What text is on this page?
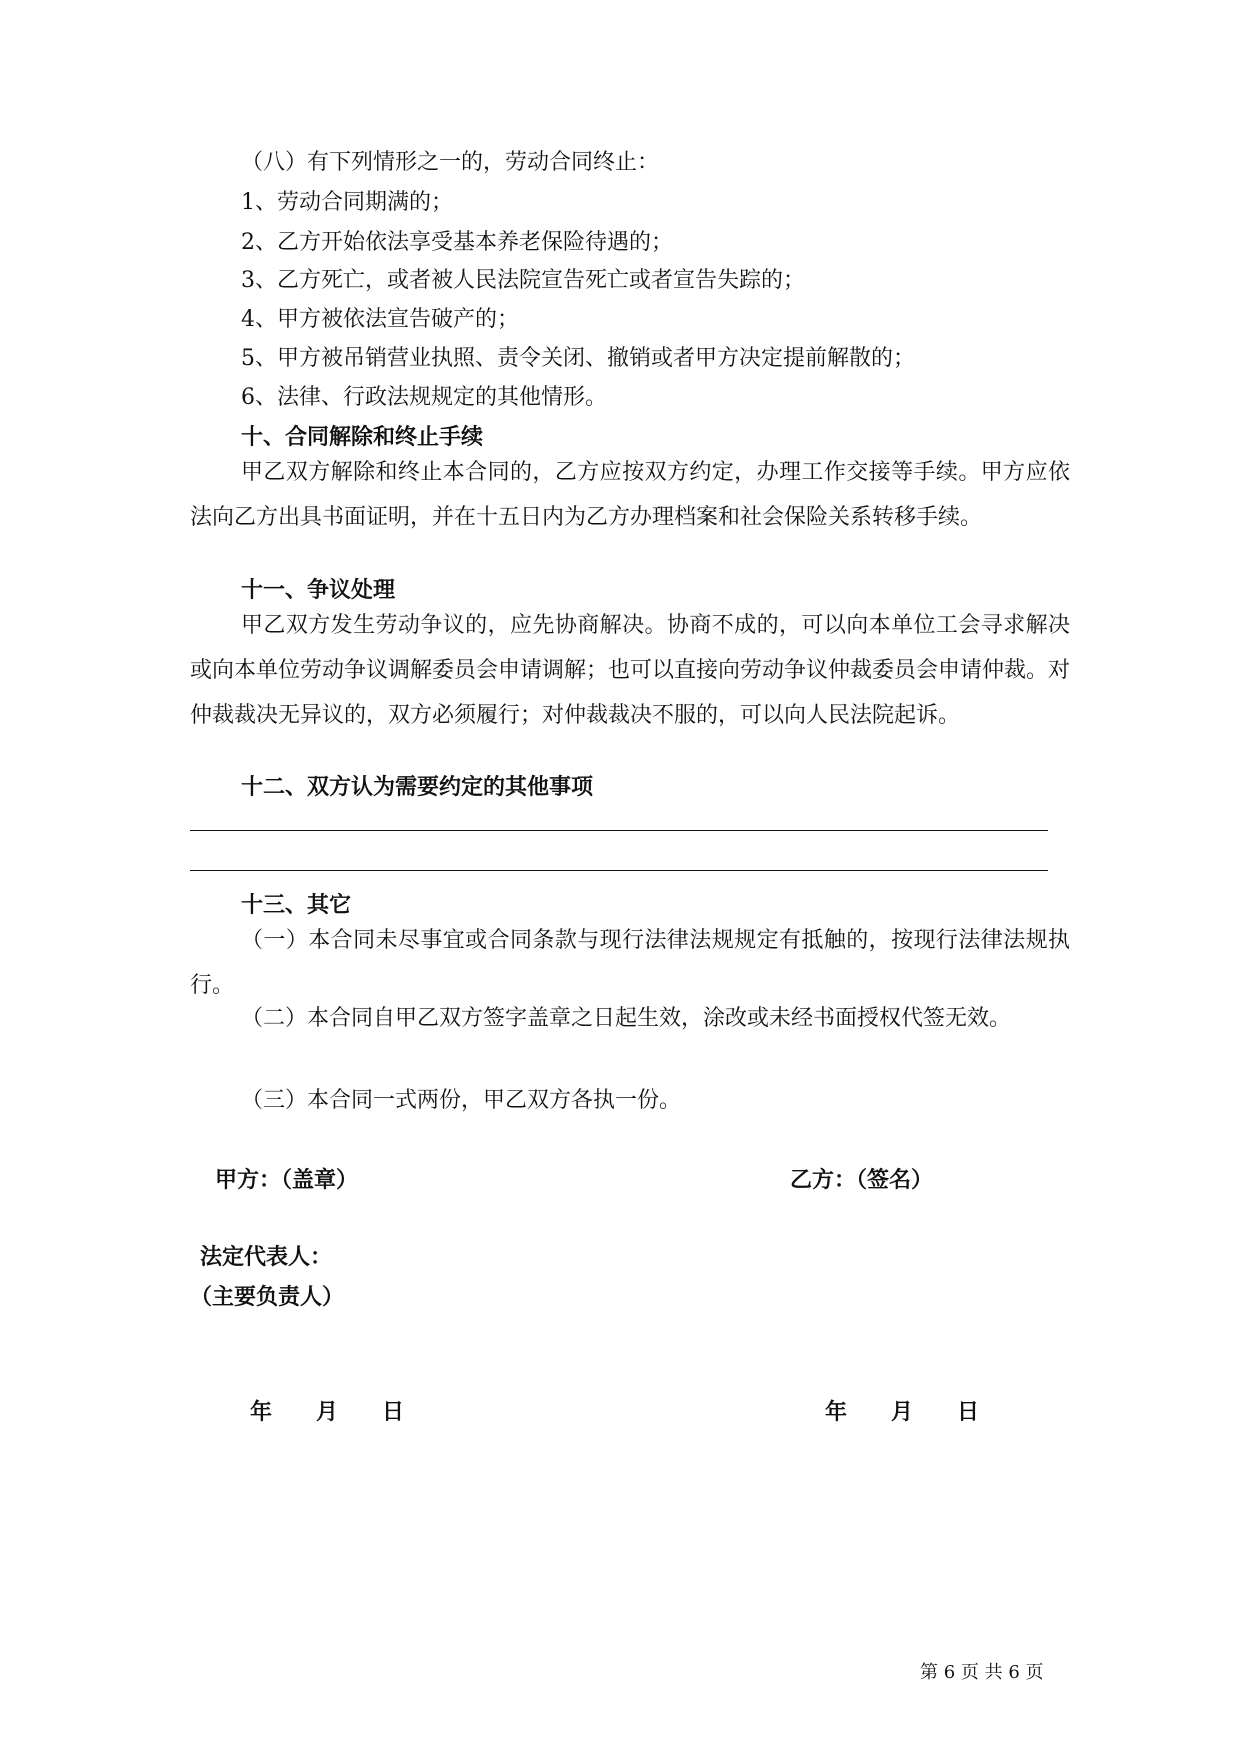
（八）有下列情形之一的，劳动合同终止：

1、劳动合同期满的；

2、乙方开始依法享受基本养老保险待遇的；

3、乙方死亡，或者被人民法院宣告死亡或者宣告失踪的；

4、甲方被依法宣告破产的；

5、甲方被吊销营业执照、责令关闭、撤销或者甲方决定提前解散的；

6、法律、行政法规规定的其他情形。

十、合同解除和终止手续

甲乙双方解除和终止本合同的，乙方应按双方约定，办理工作交接等手续。甲方应依法向乙方出具书面证明，并在十五日内为乙方办理档案和社会保险关系转移手续。

十一、争议处理

甲乙双方发生劳动争议的，应先协商解决。协商不成的，可以向本单位工会寻求解决或向本单位劳动争议调解委员会申请调解；也可以直接向劳动争议仲裁委员会申请仲裁。对仲裁裁决无异议的，双方必须履行；对仲裁裁决不服的，可以向人民法院起诉。

十二、双方认为需要约定的其他事项

十三、其它

（一）本合同未尽事宜或合同条款与现行法律法规规定有抵触的，按现行法律法规执行。

（二）本合同自甲乙双方签字盖章之日起生效，涂改或未经书面授权代签无效。

（三）本合同一式两份，甲乙双方各执一份。

甲方：（盖章）	乙方：（签名）
法定代表人：
（主要负责人）
年　　月　　日	年　　月　　日
第 6 页 共 6 页
